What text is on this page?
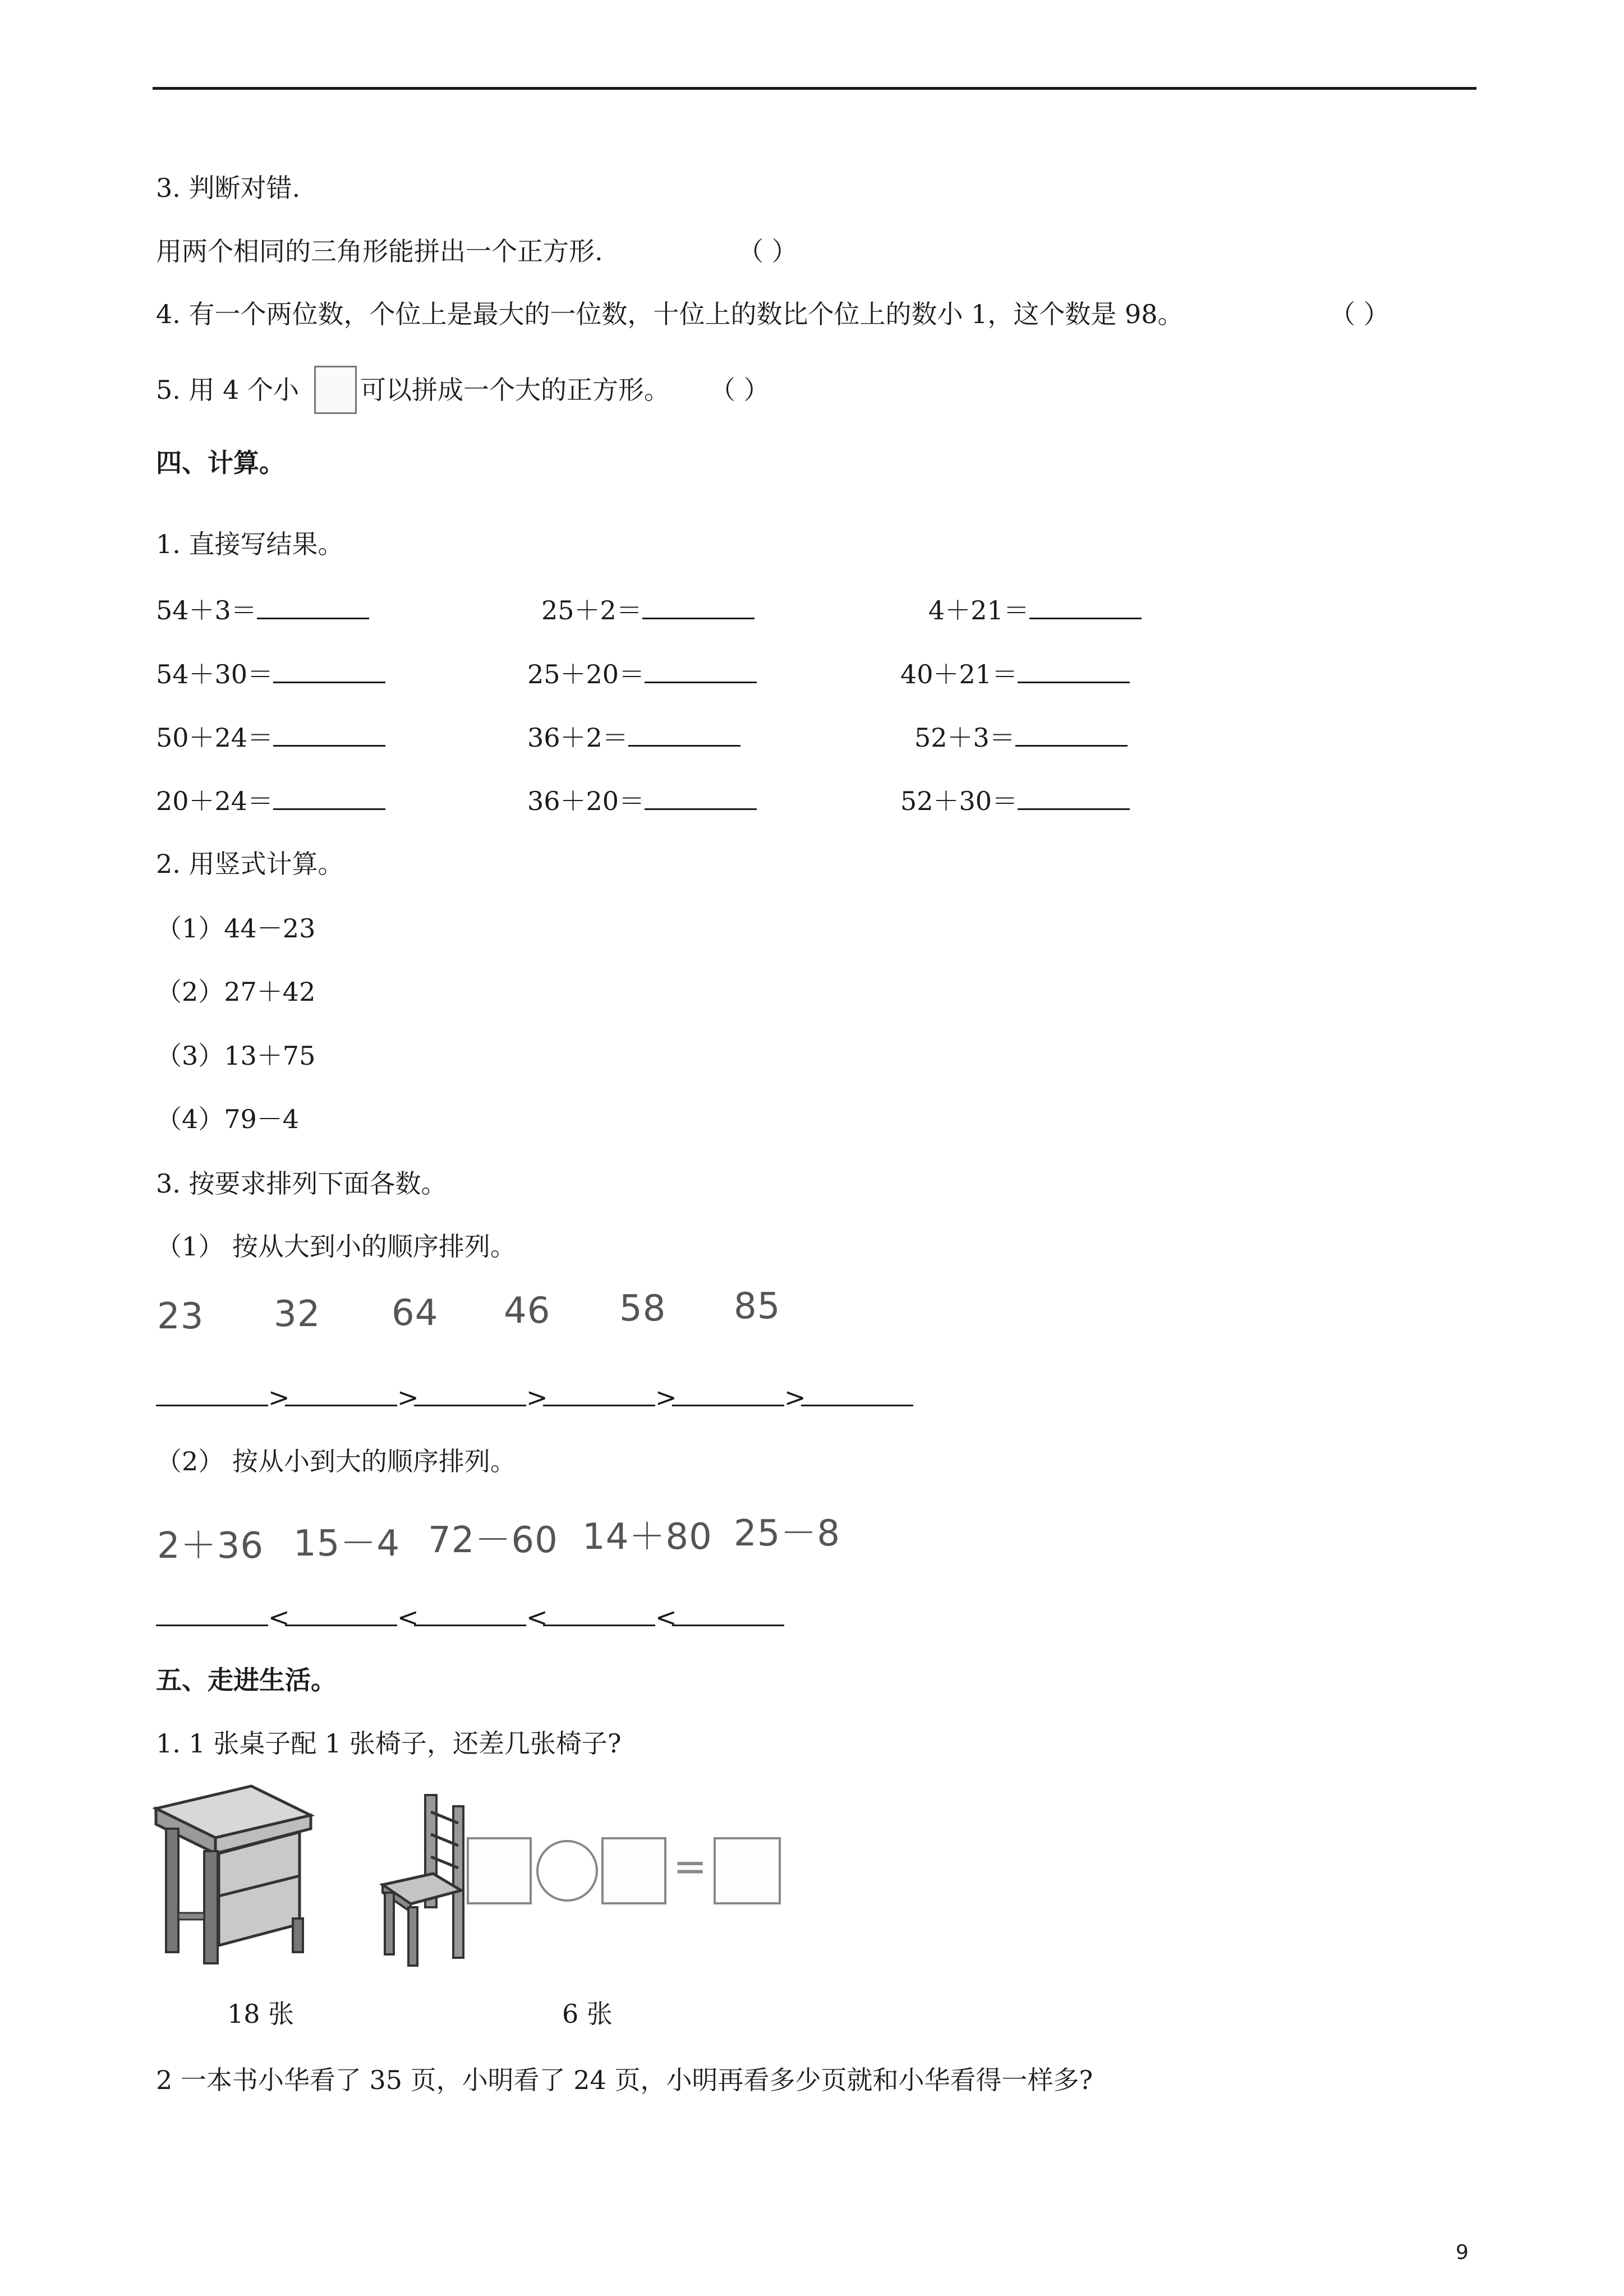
3. 判断对错.
用两个相同的三角形能拼出一个正方形.	（ ）
4. 有一个两位数，个位上是最大的一位数，十位上的数比个位上的数小 1，这个数是 98。	（ ）
5. 用 4 个小 可以拼成一个大的正方形。 （ ）
四、计算。
1. 直接写结果。
54＋3＝	25＋2＝	4＋21＝
54＋30＝	25＋20＝	40＋21＝
50＋24＝	36＋2＝	52＋3＝
20＋24＝	36＋20＝	52＋30＝
2. 用竖式计算。
（1）44－23
（2）27＋42
（3）13＋75
（4）79－4
3. 按要求排列下面各数。
（1） 按从大到小的顺序排列。
23 32 64 46 58 85
>	>	>	>	>
（2） 按从小到大的顺序排列。
2＋36 15－4 72－60 14＋80 25－8
<	<	<	<
五、走进生活。
1. 1 张桌子配 1 张椅子，还差几张椅子?
=
18 张	6 张
2 一本书小华看了 35 页，小明看了 24 页，小明再看多少页就和小华看得一样多?
9
